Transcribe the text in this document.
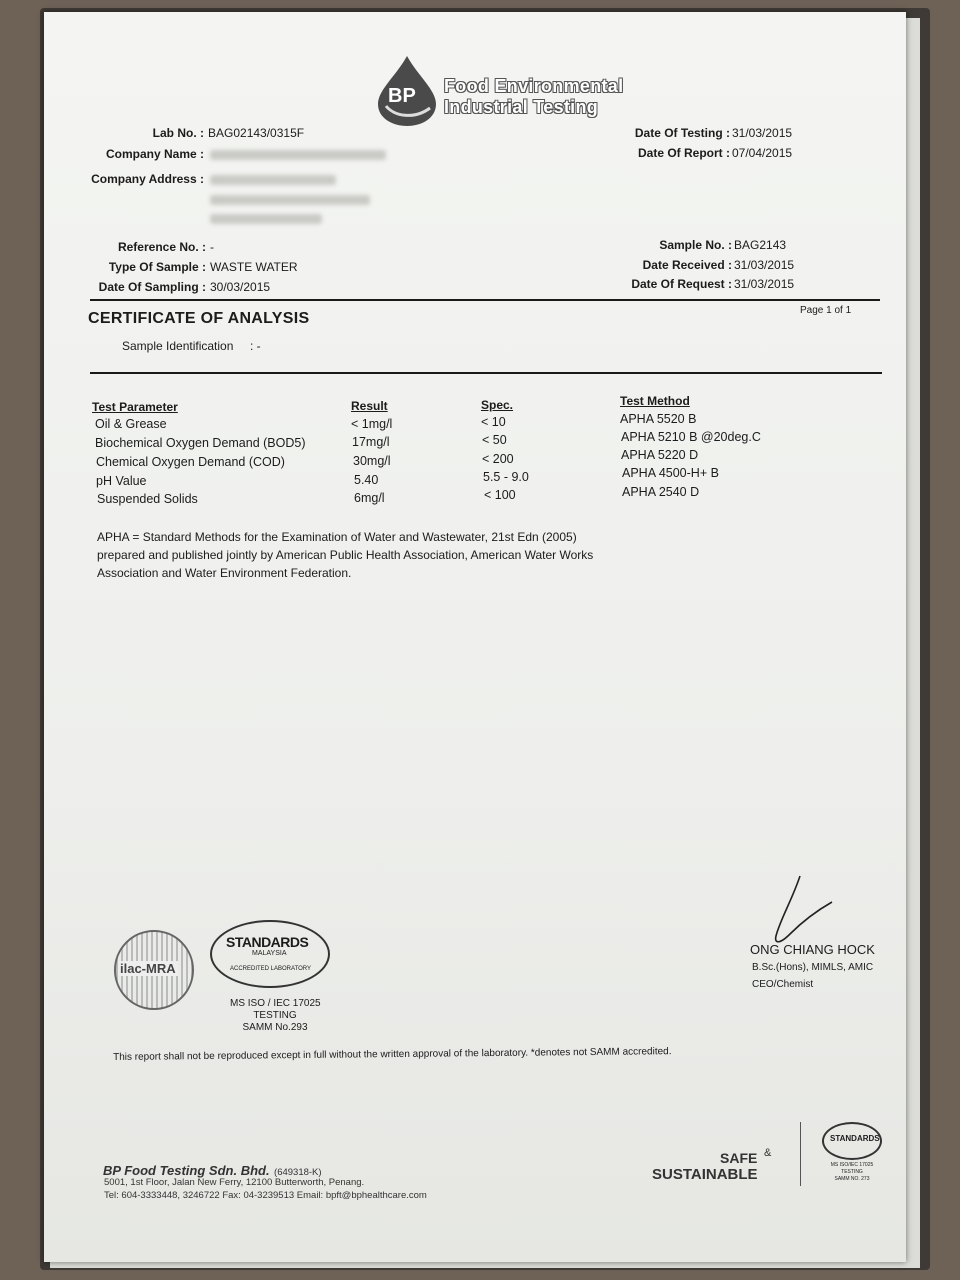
BP Food Environmental
Industrial Testing
Lab No. : BAG02143/0315F
Company Name :
Company Address :
Date Of Testing : 31/03/2015
Date Of Report : 07/04/2015
Reference No. : -
Type Of Sample : WASTE WATER
Date Of Sampling : 30/03/2015
Sample No. : BAG2143
Date Received : 31/03/2015
Date Of Request : 31/03/2015
CERTIFICATE OF ANALYSIS	Page 1 of 1
Sample Identification : -
Test Parameter	Result	Spec.	Test Method
Oil & Grease	< 1mg/l	< 10	APHA 5520 B
Biochemical Oxygen Demand (BOD5)	17mg/l	< 50	APHA 5210 B @20deg.C
Chemical Oxygen Demand (COD)	30mg/l	< 200	APHA 5220 D
pH Value	5.40	5.5 - 9.0	APHA 4500-H+ B
Suspended Solids	6mg/l	< 100	APHA 2540 D
APHA = Standard Methods for the Examination of Water and Wastewater, 21st Edn (2005)
prepared and published jointly by American Public Health Association, American Water Works
Association and Water Environment Federation.
ilac-MRA
STANDARDS
MALAYSIA
ACCREDITED LABORATORY
MS ISO / IEC 17025
TESTING
SAMM No.293
ONG CHIANG HOCK
B.Sc.(Hons), MIMLS, AMIC
CEO/Chemist
This report shall not be reproduced except in full without the written approval of the laboratory. *denotes not SAMM accredited.
BP Food Testing Sdn. Bhd. (649318-K)
5001, 1st Floor, Jalan New Ferry, 12100 Butterworth, Penang.
Tel: 604-3333448, 3246722 Fax: 04-3239513 Email: bpft@bphealthcare.com
SAFE &
SUSTAINABLE
STANDARDS
MS ISO/IEC 17025
TESTING
SAMM NO. 273
